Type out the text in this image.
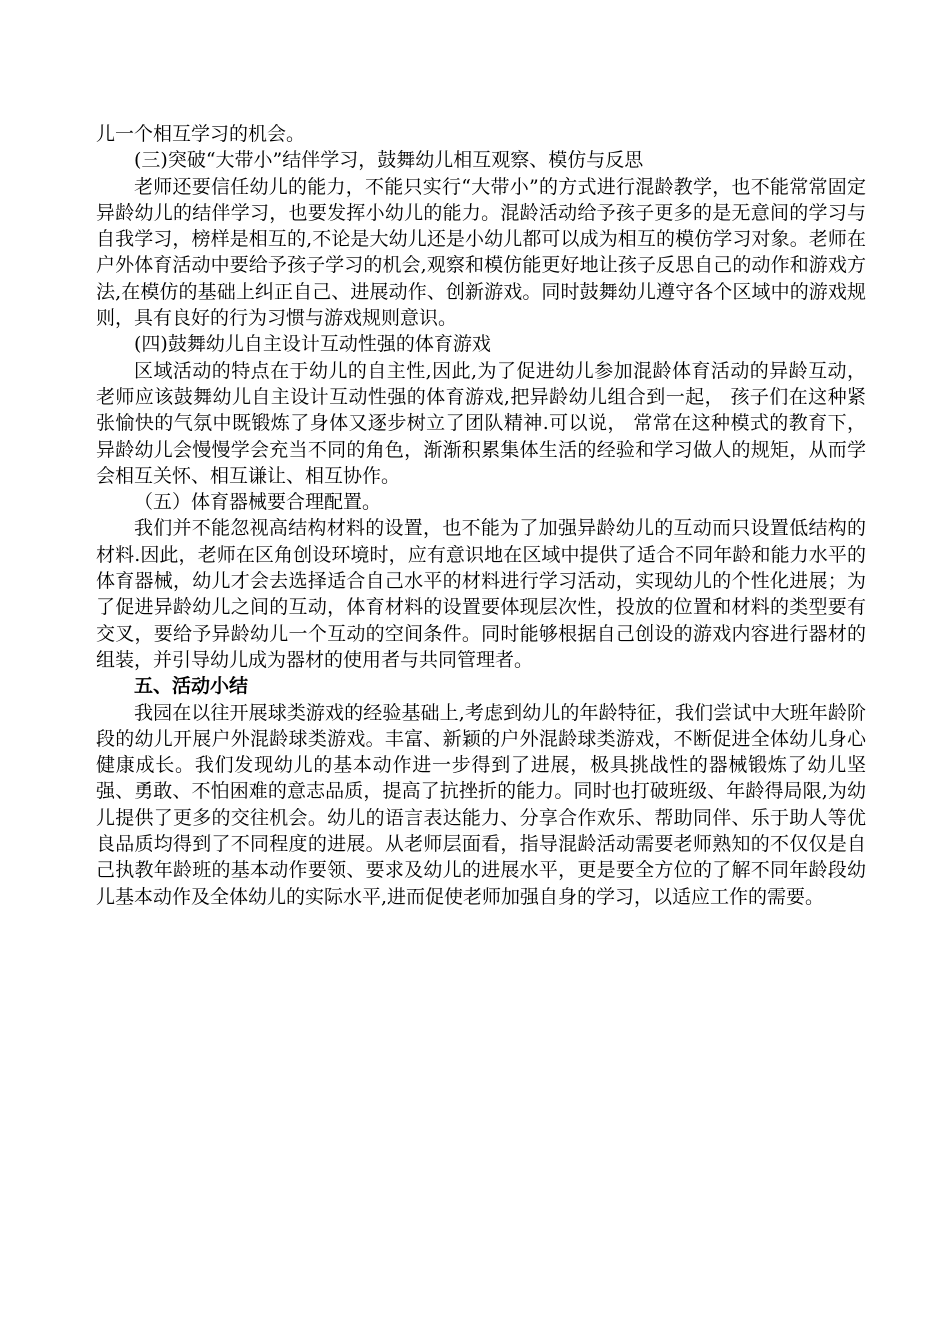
儿一个相互学习的机会。

(三)突破“大带小”结伴学习，鼓舞幼儿相互观察、模仿与反思

老师还要信任幼儿的能力，不能只实行“大带小”的方式进行混龄教学，也不能常常固定异龄幼儿的结伴学习，也要发挥小幼儿的能力。混龄活动给予孩子更多的是无意间的学习与自我学习，榜样是相互的,不论是大幼儿还是小幼儿都可以成为相互的模仿学习对象。老师在户外体育活动中要给予孩子学习的机会,观察和模仿能更好地让孩子反思自己的动作和游戏方法,在模仿的基础上纠正自己、进展动作、创新游戏。同时鼓舞幼儿遵守各个区域中的游戏规则，具有良好的行为习惯与游戏规则意识。

(四)鼓舞幼儿自主设计互动性强的体育游戏

区域活动的特点在于幼儿的自主性,因此,为了促进幼儿参加混龄体育活动的异龄互动，老师应该鼓舞幼儿自主设计互动性强的体育游戏,把异龄幼儿组合到一起， 孩子们在这种紧张愉快的气氛中既锻炼了身体又逐步树立了团队精神.可以说， 常常在这种模式的教育下，异龄幼儿会慢慢学会充当不同的角色，渐渐积累集体生活的经验和学习做人的规矩，从而学会相互关怀、相互谦让、相互协作。

（五）体育器械要合理配置。

我们并不能忽视高结构材料的设置，也不能为了加强异龄幼儿的互动而只设置低结构的材料.因此，老师在区角创设环境时，应有意识地在区域中提供了适合不同年龄和能力水平的体育器械，幼儿才会去选择适合自己水平的材料进行学习活动，实现幼儿的个性化进展；为了促进异龄幼儿之间的互动，体育材料的设置要体现层次性，投放的位置和材料的类型要有交叉，要给予异龄幼儿一个互动的空间条件。同时能够根据自己创设的游戏内容进行器材的组装，并引导幼儿成为器材的使用者与共同管理者。

五、活动小结

我园在以往开展球类游戏的经验基础上,考虑到幼儿的年龄特征，我们尝试中大班年龄阶段的幼儿开展户外混龄球类游戏。丰富、新颖的户外混龄球类游戏，不断促进全体幼儿身心健康成长。我们发现幼儿的基本动作进一步得到了进展，极具挑战性的器械锻炼了幼儿坚强、勇敢、不怕困难的意志品质，提高了抗挫折的能力。同时也打破班级、年龄得局限,为幼儿提供了更多的交往机会。幼儿的语言表达能力、分享合作欢乐、帮助同伴、乐于助人等优良品质均得到了不同程度的进展。从老师层面看，指导混龄活动需要老师熟知的不仅仅是自己执教年龄班的基本动作要领、要求及幼儿的进展水平，更是要全方位的了解不同年龄段幼儿基本动作及全体幼儿的实际水平,进而促使老师加强自身的学习，以适应工作的需要。
